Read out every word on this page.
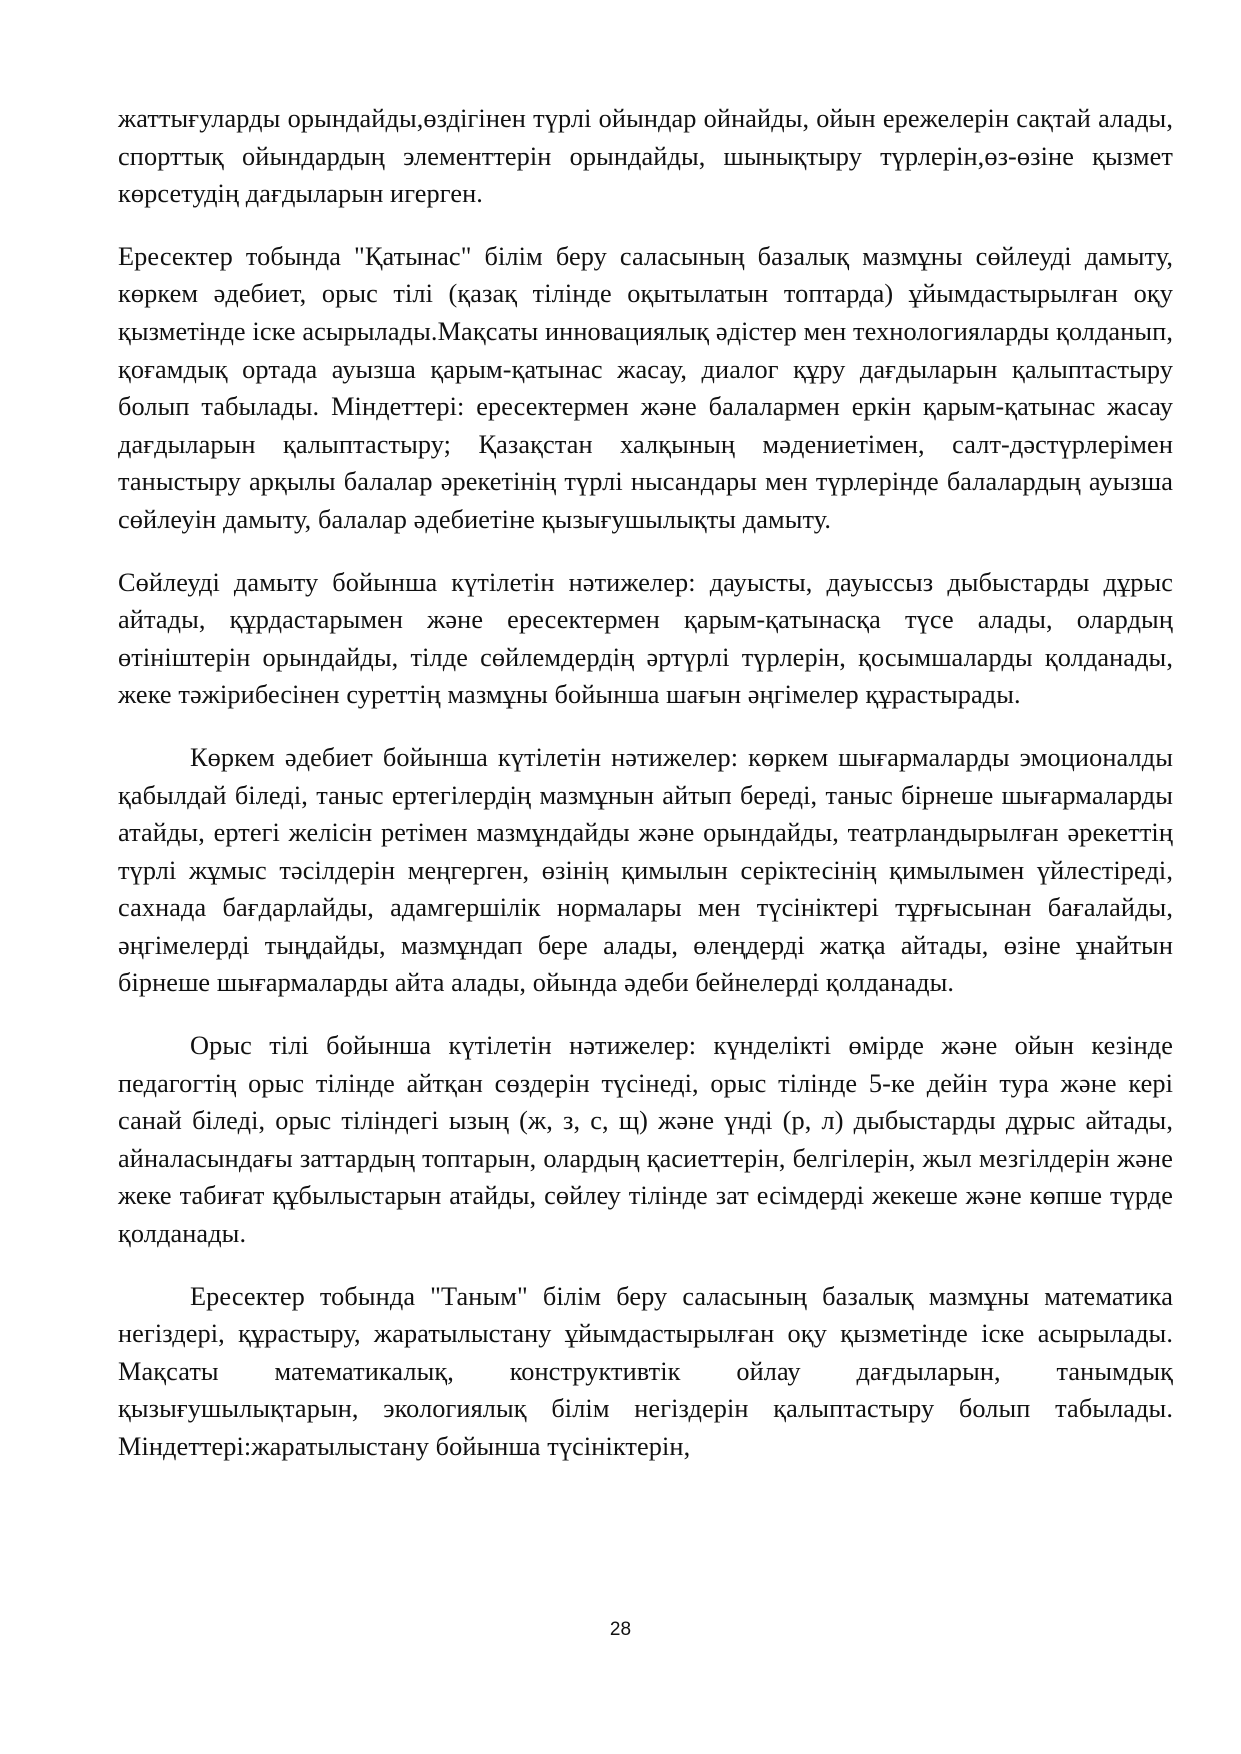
жаттығуларды орындайды,өздігінен түрлі ойындар ойнайды, ойын ережелерін сақтай алады, спорттық ойындардың элементтерін орындайды, шынықтыру түрлерін,өз-өзіне қызмет көрсетудің дағдыларын игерген.

Ересектер тобында "Қатынас" білім беру саласының базалық мазмұны сөйлеуді дамыту, көркем әдебиет, орыс тілі (қазақ тілінде оқытылатын топтарда) ұйымдастырылған оқу қызметінде іске асырылады.Мақсаты инновациялық әдістер мен технологияларды қолданып, қоғамдық ортада ауызша қарым-қатынас жасау, диалог құру дағдыларын қалыптастыру болып табылады. Міндеттері: ересектермен және балалармен еркін қарым-қатынас жасау дағдыларын қалыптастыру; Қазақстан халқының мәдениетімен, салт-дәстүрлерімен таныстыру арқылы балалар әрекетінің түрлі нысандары мен түрлерінде балалардың ауызша сөйлеуін дамыту, балалар әдебиетіне қызығушылықты дамыту.

Сөйлеуді дамыту бойынша күтілетін нәтижелер: дауысты, дауыссыз дыбыстарды дұрыс айтады, құрдастарымен және ересектермен қарым-қатынасқа түсе алады, олардың өтініштерін орындайды, тілде сөйлемдердің әртүрлі түрлерін, қосымшаларды қолданады, жеке тәжірибесінен суреттің мазмұны бойынша шағын әңгімелер құрастырады.

Көркем әдебиет бойынша күтілетін нәтижелер: көркем шығармаларды эмоционалды қабылдай біледі, таныс ертегілердің мазмұнын айтып береді, таныс бірнеше шығармаларды атайды, ертегі желісін ретімен мазмұндайды және орындайды, театрландырылған әрекеттің түрлі жұмыс тәсілдерін меңгерген, өзінің қимылын серіктесінің қимылымен үйлестіреді, сахнада бағдарлайды, адамгершілік нормалары мен түсініктері тұрғысынан бағалайды, әңгімелерді тыңдайды, мазмұндап бере алады, өлеңдерді жатқа айтады, өзіне ұнайтын бірнеше шығармаларды айта алады, ойында әдеби бейнелерді қолданады.

Орыс тілі бойынша күтілетін нәтижелер: күнделікті өмірде және ойын кезінде педагогтің орыс тілінде айтқан сөздерін түсінеді, орыс тілінде 5-ке дейін тура және кері санай біледі, орыс тіліндегі ызың (ж, з, с, щ) және үнді (р, л) дыбыстарды дұрыс айтады, айналасындағы заттардың топтарын, олардың қасиеттерін, белгілерін, жыл мезгілдерін және жеке табиғат құбылыстарын атайды, сөйлеу тілінде зат есімдерді жекеше және көпше түрде қолданады.

Ересектер тобында "Таным" білім беру саласының базалық мазмұны математика негіздері, құрастыру, жаратылыстану ұйымдастырылған оқу қызметінде іске асырылады. Мақсаты математикалық, конструктивтік ойлау дағдыларын, танымдық қызығушылықтарын, экологиялық білім негіздерін қалыптастыру болып табылады. Міндеттері:жаратылыстану бойынша түсініктерін,

28
